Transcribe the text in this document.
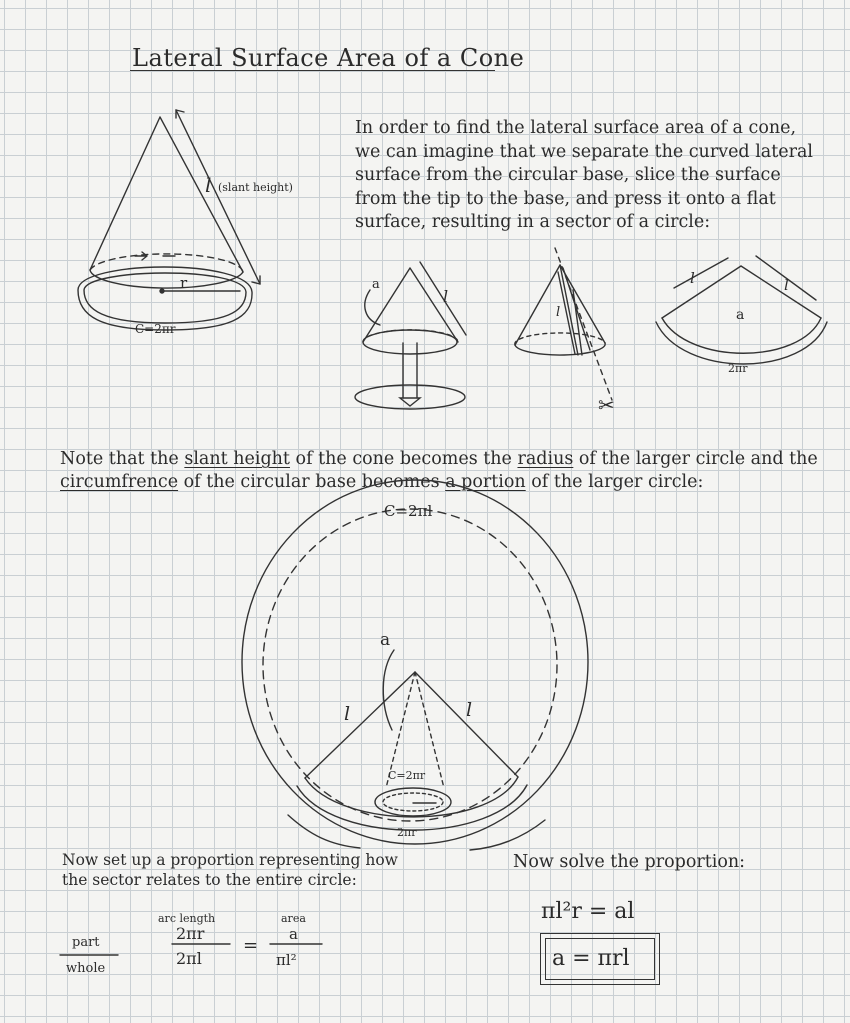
Lateral Surface Area of a Cone
In order to find the lateral surface area of a cone, we can imagine that we separate the curved lateral surface from the circular base, slice the surface from the tip to the base, and press it onto a flat surface, resulting in a sector of a circle:
Note that the slant height of the cone becomes the radius of the larger circle and the circumfrence of the circular base becomes a portion of the larger circle:
l (slant height)
r
C=2πr
a
l
l
✂
l	l
a
2πr
C=2πl
a
l	l
C=2πr
2πr
part
whole
arc length	area
2πr
2πl
=
a
πl²
Now set up a proportion representing how the sector relates to the entire circle:
Now solve the proportion:
πl²r = al
a = πrl
